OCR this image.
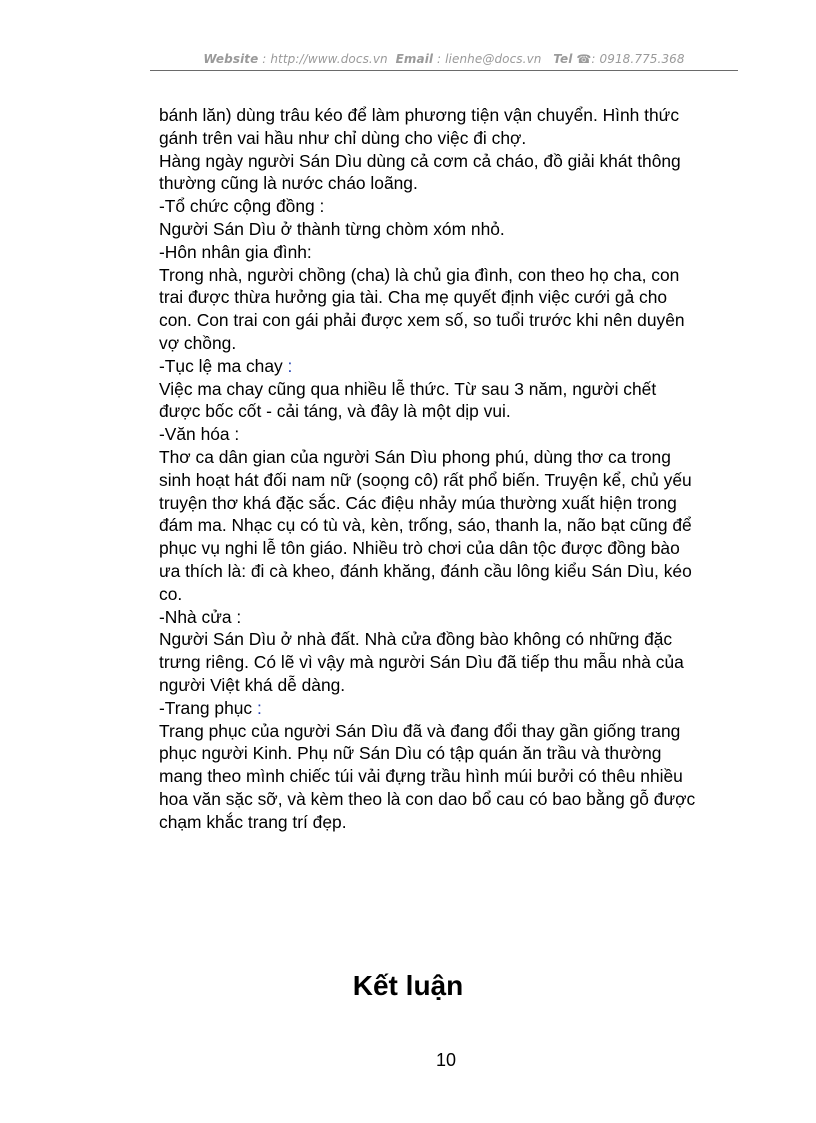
Website : http://www.docs.vn Email : lienhe@docs.vn Tel ☎: 0918.775.368

bánh lăn) dùng trâu kéo để làm phương tiện vận chuyển. Hình thức

gánh trên vai hầu như chỉ dùng cho việc đi chợ.

Hàng ngày người Sán Dìu dùng cả cơm cả cháo, đồ giải khát thông

thường cũng là nước cháo loãng.

-Tổ chức cộng đồng :

Người Sán Dìu ở thành từng chòm xóm nhỏ.

-Hôn nhân gia đình:

Trong nhà, người chồng (cha) là chủ gia đình, con theo họ cha, con

trai được thừa hưởng gia tài. Cha mẹ quyết định việc cưới gả cho

con. Con trai con gái phải được xem số, so tuổi trước khi nên duyên

vợ chồng.

-Tục lệ ma chay :

Việc ma chay cũng qua nhiều lễ thức. Từ sau 3 năm, người chết

được bốc cốt - cải táng, và đây là một dịp vui.

-Văn hóa :

Thơ ca dân gian của người Sán Dìu phong phú, dùng thơ ca trong

sinh hoạt hát đối nam nữ (soọng cô) rất phổ biến. Truyện kể, chủ yếu

truyện thơ khá đặc sắc. Các điệu nhảy múa thường xuất hiện trong

đám ma. Nhạc cụ có tù và, kèn, trống, sáo, thanh la, não bạt cũng để

phục vụ nghi lễ tôn giáo. Nhiều trò chơi của dân tộc được đồng bào

ưa thích là: đi cà kheo, đánh khăng, đánh cầu lông kiểu Sán Dìu, kéo

co.

-Nhà cửa :

Người Sán Dìu ở nhà đất. Nhà cửa đồng bào không có những đặc

trưng riêng. Có lẽ vì vậy mà người Sán Dìu đã tiếp thu mẫu nhà của

người Việt khá dễ dàng.

-Trang phục :

Trang phục của người Sán Dìu đã và đang đổi thay gần giống trang

phục người Kinh. Phụ nữ Sán Dìu có tập quán ăn trầu và thường

mang theo mình chiếc túi vải đựng trầu hình múi bưởi có thêu nhiều

hoa văn sặc sỡ, và kèm theo là con dao bổ cau có bao bằng gỗ được

chạm khắc trang trí đẹp.

Kết luận
10
